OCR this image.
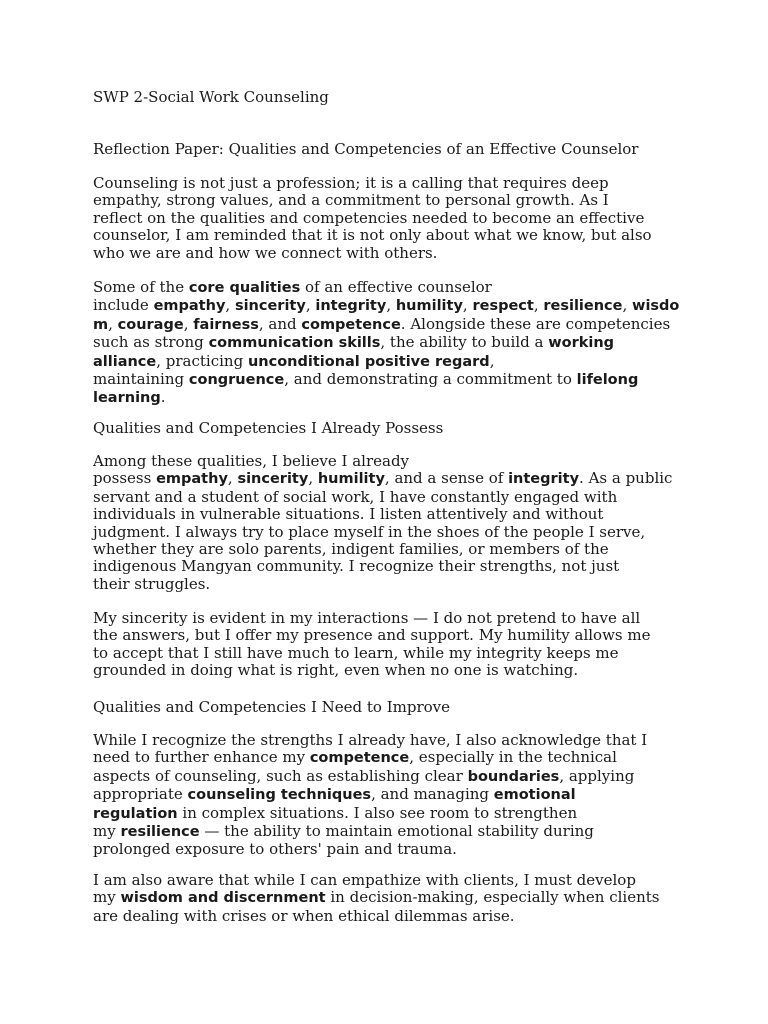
SWP 2-Social Work Counseling
Reflection Paper: Qualities and Competencies of an Effective Counselor
Counseling is not just a profession; it is a calling that requires deep
empathy, strong values, and a commitment to personal growth. As I
reflect on the qualities and competencies needed to become an effective
counselor, I am reminded that it is not only about what we know, but also
who we are and how we connect with others.
Some of the core qualities of an effective counselor
include empathy, sincerity, integrity, humility, respect, resilience, wisdo
m, courage, fairness, and competence. Alongside these are competencies
such as strong communication skills, the ability to build a working
alliance, practicing unconditional positive regard,
maintaining congruence, and demonstrating a commitment to lifelong
learning.
Qualities and Competencies I Already Possess
Among these qualities, I believe I already
possess empathy, sincerity, humility, and a sense of integrity. As a public
servant and a student of social work, I have constantly engaged with
individuals in vulnerable situations. I listen attentively and without
judgment. I always try to place myself in the shoes of the people I serve,
whether they are solo parents, indigent families, or members of the
indigenous Mangyan community. I recognize their strengths, not just
their struggles.
My sincerity is evident in my interactions — I do not pretend to have all
the answers, but I offer my presence and support. My humility allows me
to accept that I still have much to learn, while my integrity keeps me
grounded in doing what is right, even when no one is watching.
Qualities and Competencies I Need to Improve
While I recognize the strengths I already have, I also acknowledge that I
need to further enhance my competence, especially in the technical
aspects of counseling, such as establishing clear boundaries, applying
appropriate counseling techniques, and managing emotional
regulation in complex situations. I also see room to strengthen
my resilience — the ability to maintain emotional stability during
prolonged exposure to others' pain and trauma.
I am also aware that while I can empathize with clients, I must develop
my wisdom and discernment in decision-making, especially when clients
are dealing with crises or when ethical dilemmas arise.
